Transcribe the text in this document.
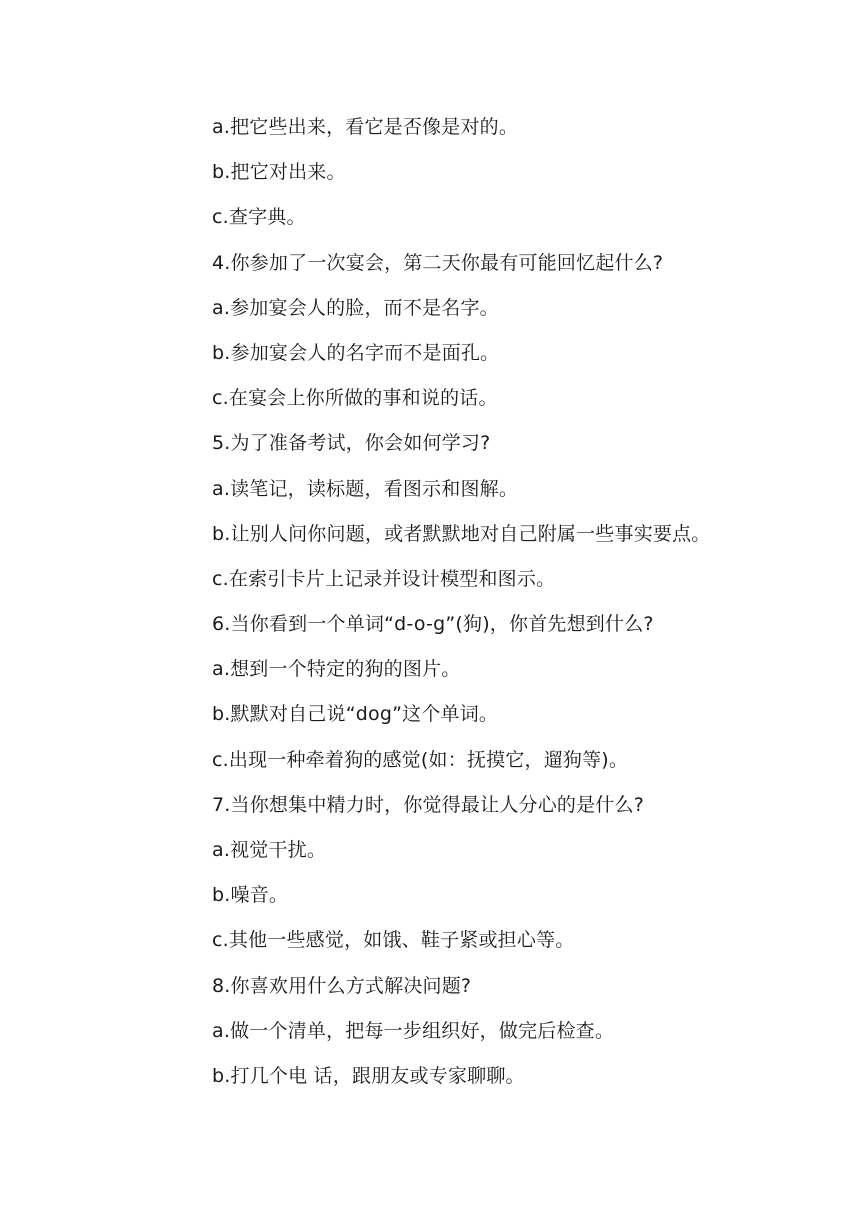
a.把它些出来，看它是否像是对的。
b.把它对出来。
c.查字典。
4.你参加了一次宴会，第二天你最有可能回忆起什么?
a.参加宴会人的脸，而不是名字。
b.参加宴会人的名字而不是面孔。
c.在宴会上你所做的事和说的话。
5.为了准备考试，你会如何学习?
a.读笔记，读标题，看图示和图解。
b.让别人问你问题，或者默默地对自己附属一些事实要点。
c.在索引卡片上记录并设计模型和图示。
6.当你看到一个单词“d-o-g”(狗)，你首先想到什么?
a.想到一个特定的狗的图片。
b.默默对自己说“dog”这个单词。
c.出现一种牵着狗的感觉(如：抚摸它，遛狗等)。
7.当你想集中精力时，你觉得最让人分心的是什么?
a.视觉干扰。
b.噪音。
c.其他一些感觉，如饿、鞋子紧或担心等。
8.你喜欢用什么方式解决问题?
a.做一个清单，把每一步组织好，做完后检查。
b.打几个电 话，跟朋友或专家聊聊。
